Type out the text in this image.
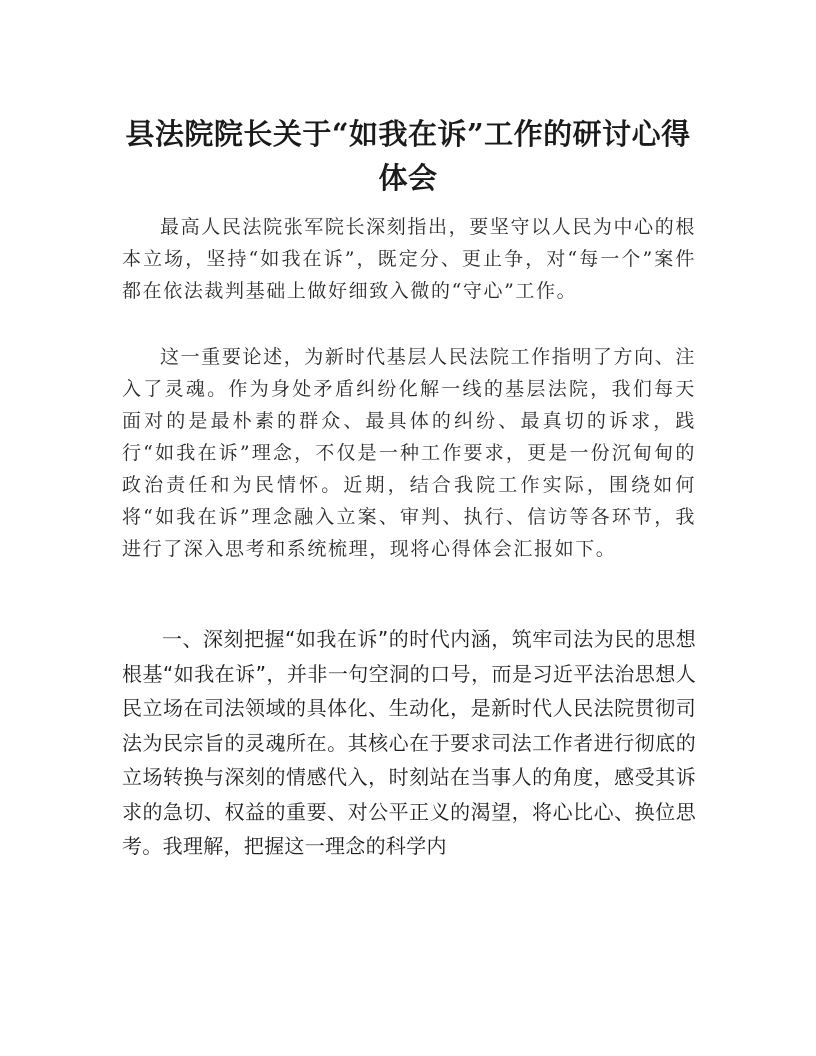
县法院院长关于“如我在诉”工作的研讨心得体会

最高人民法院张军院长深刻指出，要坚守以人民为中心的根本立场，坚持“如我在诉”，既定分、更止争，对“每一个”案件都在依法裁判基础上做好细致入微的“守心”工作。

这一重要论述，为新时代基层人民法院工作指明了方向、注入了灵魂。作为身处矛盾纠纷化解一线的基层法院，我们每天面对的是最朴素的群众、最具体的纠纷、最真切的诉求，践行“如我在诉”理念，不仅是一种工作要求，更是一份沉甸甸的政治责任和为民情怀。近期，结合我院工作实际，围绕如何将“如我在诉”理念融入立案、审判、执行、信访等各环节，我进行了深入思考和系统梳理，现将心得体会汇报如下。

一、深刻把握“如我在诉”的时代内涵，筑牢司法为民的思想根基“如我在诉”，并非一句空洞的口号，而是习近平法治思想人民立场在司法领域的具体化、生动化，是新时代人民法院贯彻司法为民宗旨的灵魂所在。其核心在于要求司法工作者进行彻底的立场转换与深刻的情感代入，时刻站在当事人的角度，感受其诉求的急切、权益的重要、对公平正义的渴望，将心比心、换位思考。我理解，把握这一理念的科学内
